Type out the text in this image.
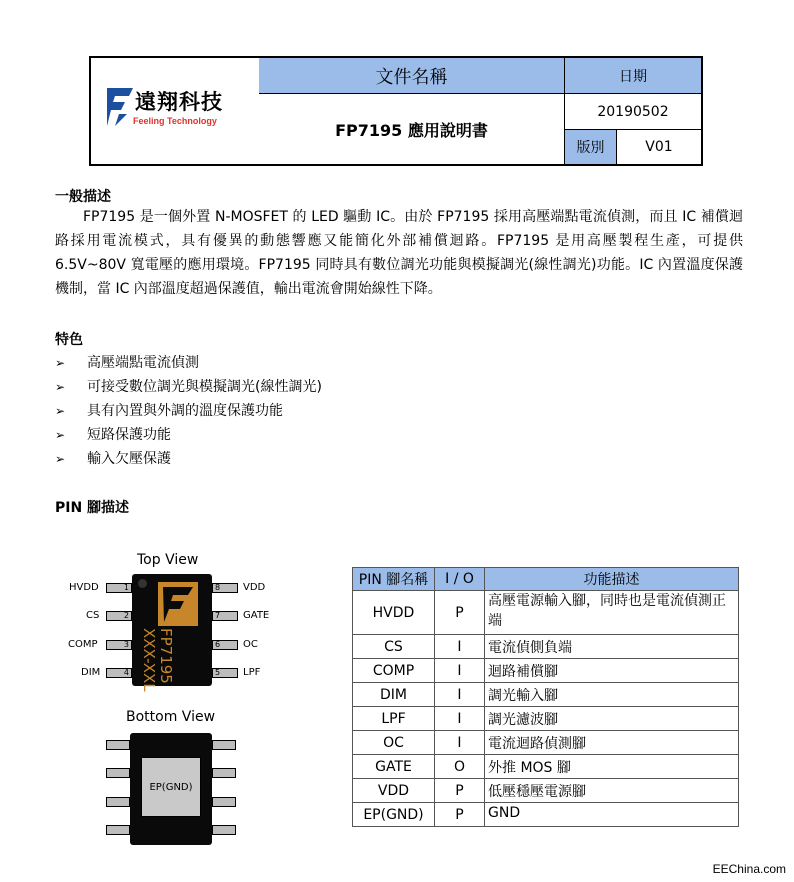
遠翔科技
Feeling Technology
文件名稱
FP7195 應用說明書
日期
20190502
版別	V01
一般描述
FP7195 是一個外置 N-MOSFET 的 LED 驅動 IC。由於 FP7195 採用高壓端點電流偵測，而且 IC 補償迴路採用電流模式，具有優異的動態響應又能簡化外部補償迴路。FP7195 是用高壓製程生產，可提供 6.5V~80V 寬電壓的應用環境。FP7195 同時具有數位調光功能與模擬調光(線性調光)功能。IC 內置溫度保護機制，當 IC 內部溫度超過保護值，輸出電流會開始線性下降。
特色
➢ 高壓端點電流偵測
➢ 可接受數位調光與模擬調光(線性調光)
➢ 具有內置與外調的溫度保護功能
➢ 短路保護功能
➢ 輸入欠壓保護
PIN 腳描述
Top View
FP7195
XXX-XXL
1
2
3
4
HVDD
CS
COMP
DIM
8
7
6
5
VDD
GATE
OC
LPF
Bottom View
EP(GND)
PIN 腳名稱	I / O	功能描述
HVDD	P	高壓電源輸入腳，同時也是電流偵測正端
CS	I	電流偵側負端
COMP	I	迴路補償腳
DIM	I	調光輸入腳
LPF	I	調光濾波腳
OC	I	電流迴路偵測腳
GATE	O	外推 MOS 腳
VDD	P	低壓穩壓電源腳
EP(GND)	P	GND
EEChina.com
